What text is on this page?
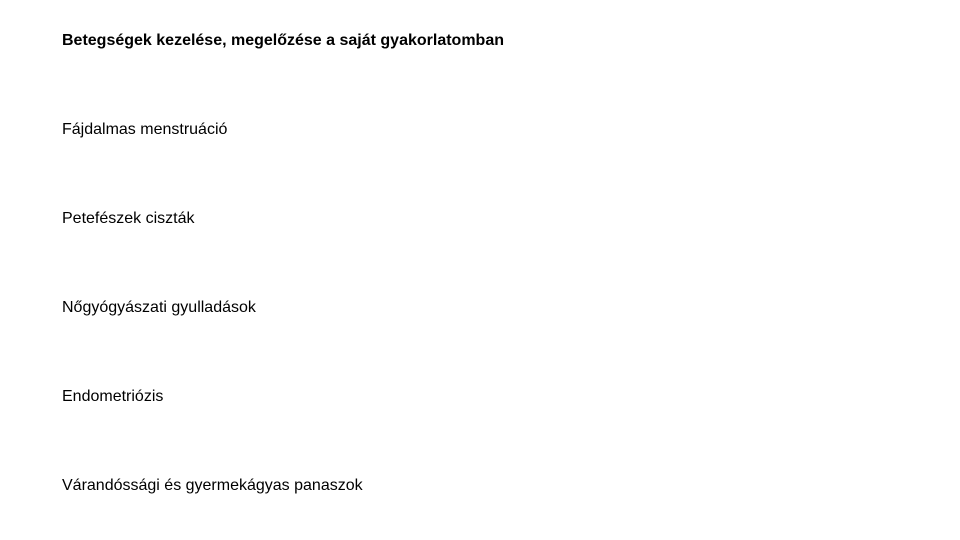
Betegségek kezelése, megelőzése a saját gyakorlatomban
Fájdalmas menstruáció
Petefészek ciszták
Nőgyógyászati gyulladások
Endometriózis
Várandóssági és gyermekágyas panaszok
